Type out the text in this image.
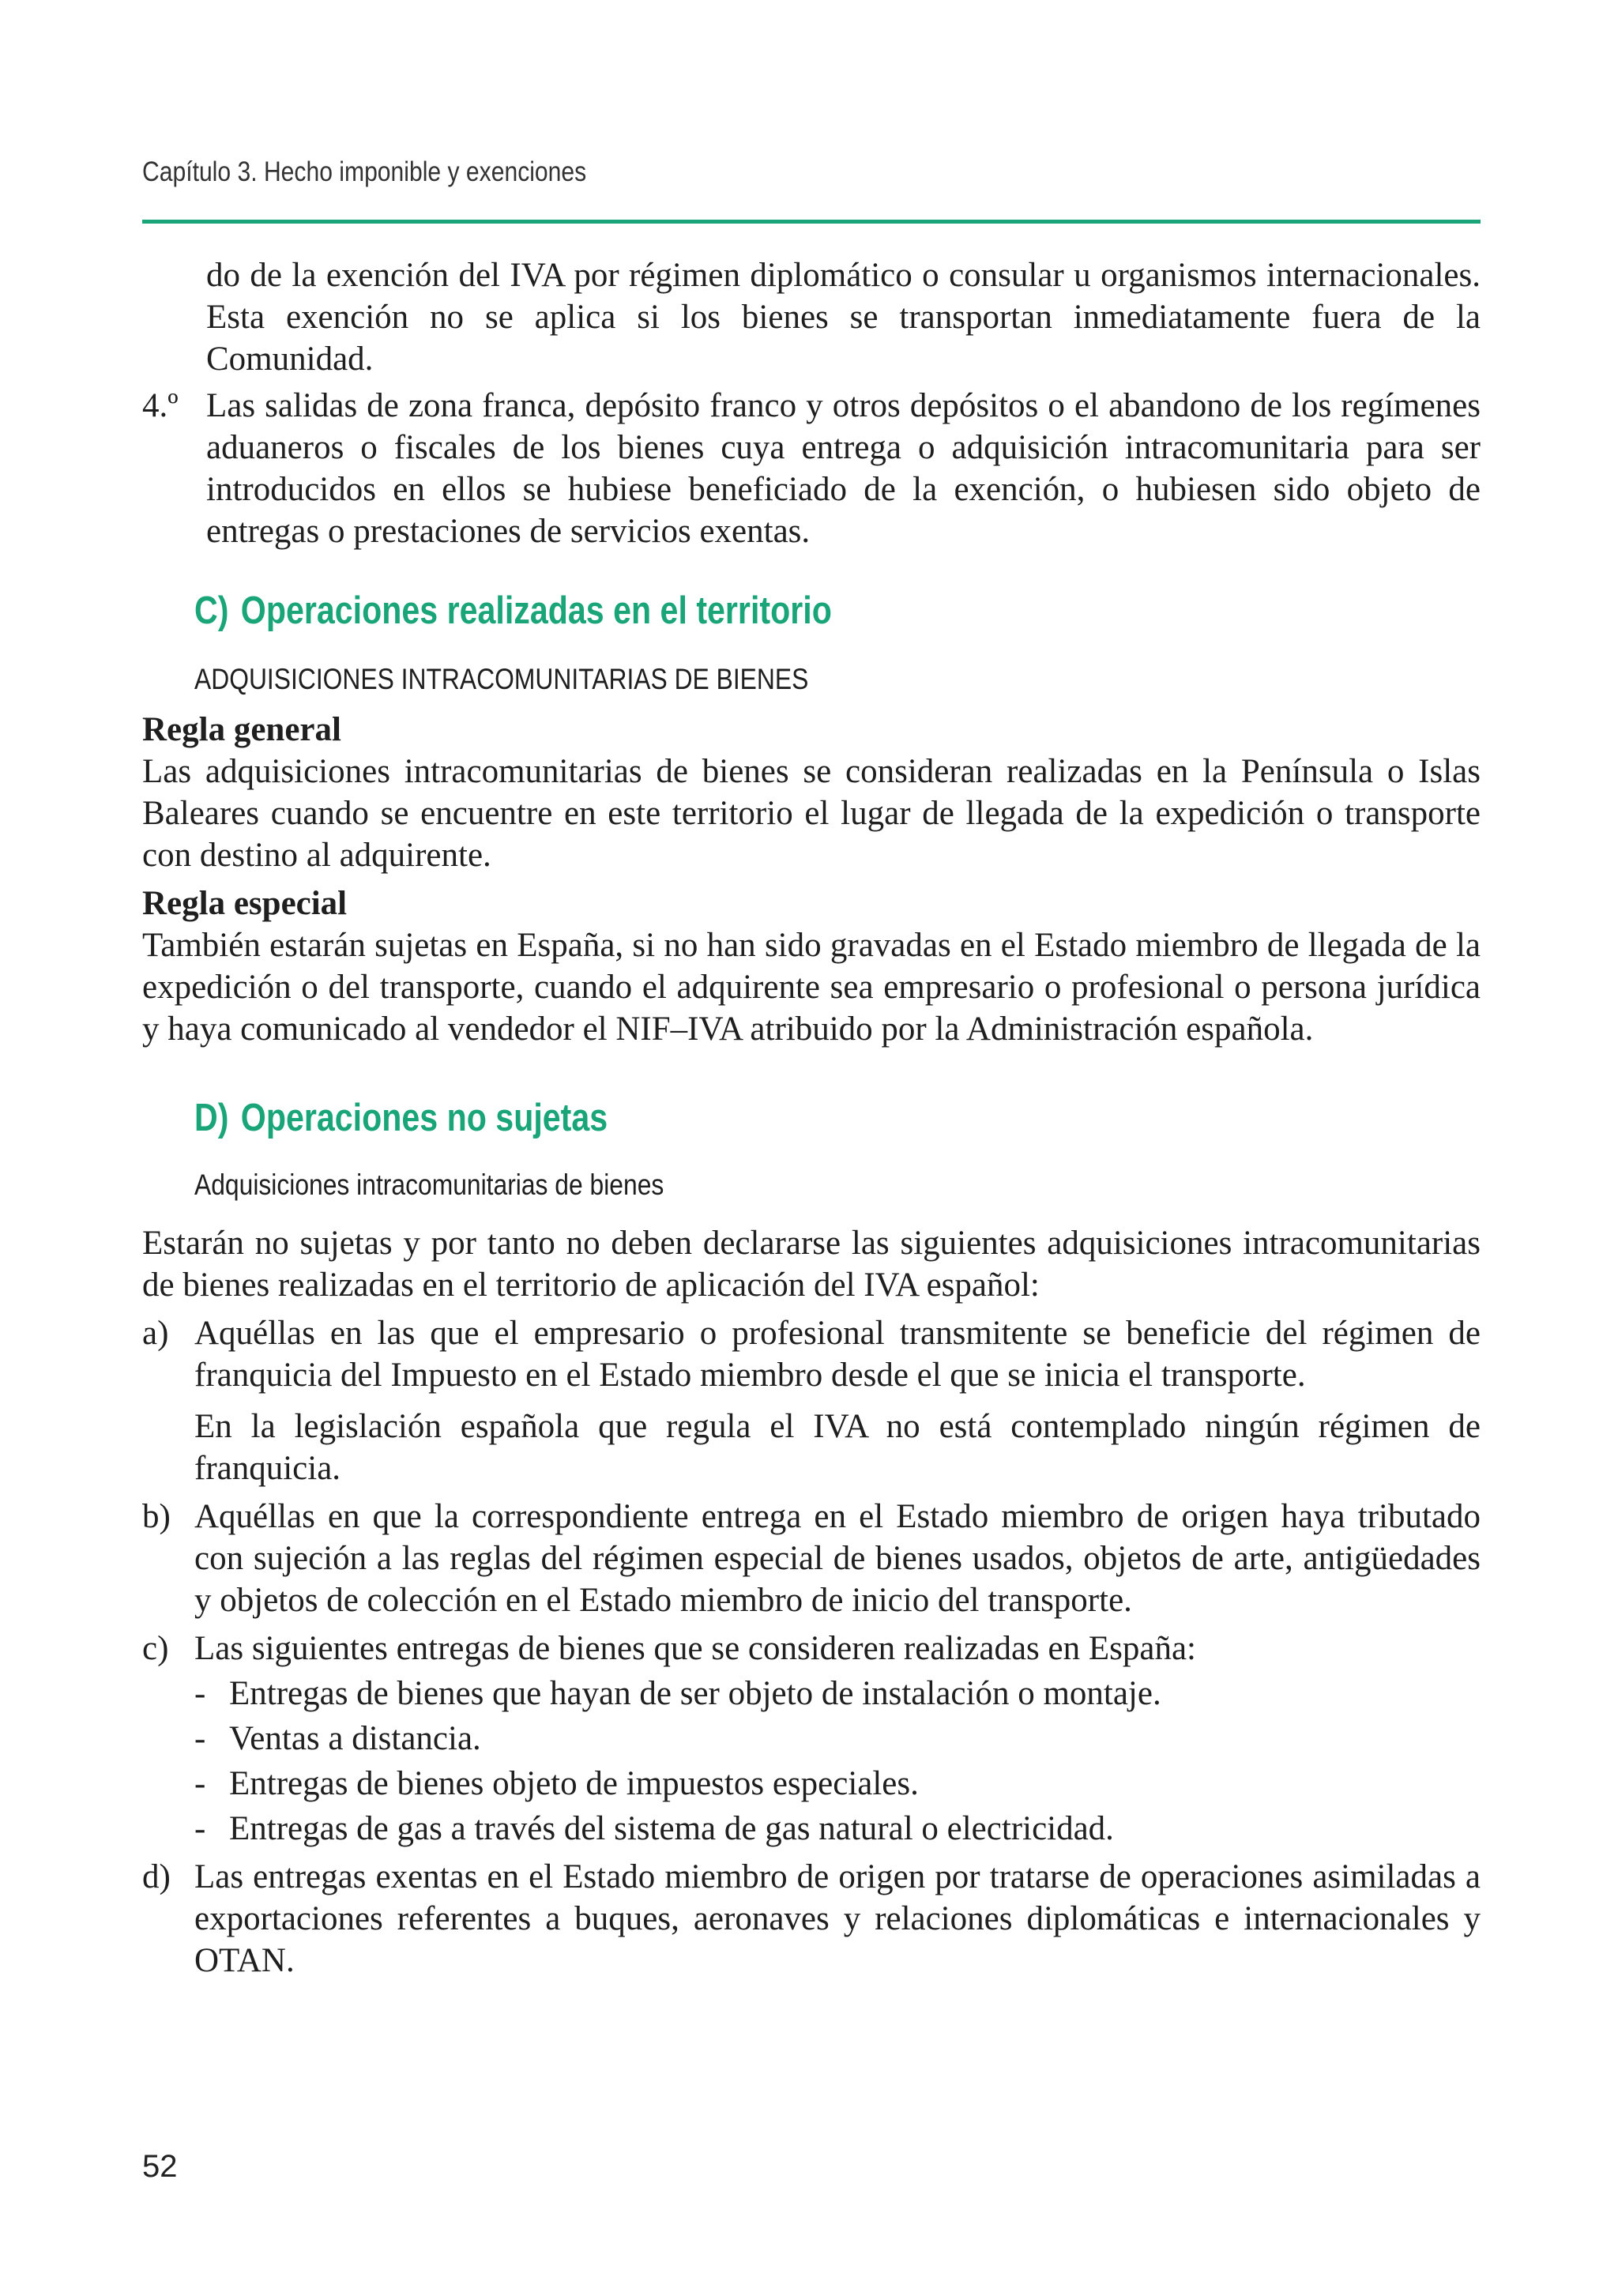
Capítulo 3. Hecho imponible y exenciones

do de la exención del IVA por régimen diplomático o consular u organismos internacionales. Esta exención no se aplica si los bienes se transportan inmediatamente fuera de la Comunidad.

4.º Las salidas de zona franca, depósito franco y otros depósitos o el abandono de los regímenes aduaneros o fiscales de los bienes cuya entrega o adquisición intracomunitaria para ser introducidos en ellos se hubiese beneficiado de la exención, o hubiesen sido objeto de entregas o prestaciones de servicios exentas.
C) Operaciones realizadas en el territorio
ADQUISICIONES INTRACOMUNITARIAS DE BIENES
Regla general

Las adquisiciones intracomunitarias de bienes se consideran realizadas en la Península o Islas Baleares cuando se encuentre en este territorio el lugar de llegada de la expedición o transporte con destino al adquirente.

Regla especial

También estarán sujetas en España, si no han sido gravadas en el Estado miembro de llegada de la expedición o del transporte, cuando el adquirente sea empresario o profesional o persona jurídica y haya comunicado al vendedor el NIF–IVA atribuido por la Administración española.

D) Operaciones no sujetas
Adquisiciones intracomunitarias de bienes

Estarán no sujetas y por tanto no deben declararse las siguientes adquisiciones intracomunitarias de bienes realizadas en el territorio de aplicación del IVA español:

a) Aquéllas en las que el empresario o profesional transmitente se beneficie del régimen de franquicia del Impuesto en el Estado miembro desde el que se inicia el transporte.

En la legislación española que regula el IVA no está contemplado ningún régimen de franquicia.

b) Aquéllas en que la correspondiente entrega en el Estado miembro de origen haya tributado con sujeción a las reglas del régimen especial de bienes usados, objetos de arte, antigüedades y objetos de colección en el Estado miembro de inicio del transporte.
c) Las siguientes entregas de bienes que se consideren realizadas en España:
- Entregas de bienes que hayan de ser objeto de instalación o montaje.
- Ventas a distancia.
- Entregas de bienes objeto de impuestos especiales.
- Entregas de gas a través del sistema de gas natural o electricidad.
d) Las entregas exentas en el Estado miembro de origen por tratarse de operaciones asimiladas a exportaciones referentes a buques, aeronaves y relaciones diplomáticas e internacionales y OTAN.
52
